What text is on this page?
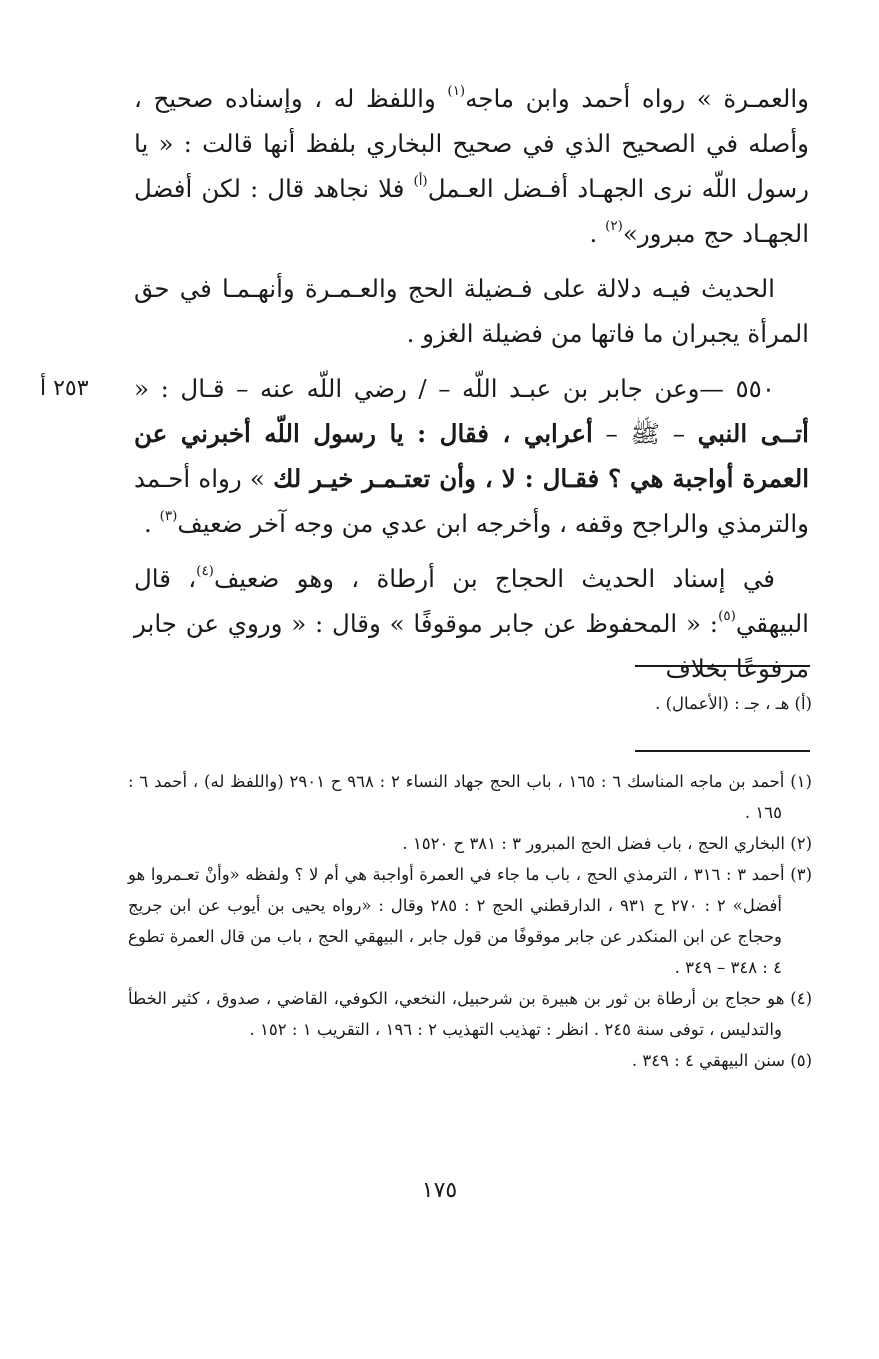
والعمـرة » رواه أحمد وابن ماجه$^{(١)}$ واللفظ له ، وإسناده صحيح ، وأصله في الصحيح الذي في صحيح البخاري بلفظ أنها قالت : « يا رسول اللّه نرى الجهـاد أفـضل العـمل$^{(أ)}$ فلا نجاهد قال : لكن أفضل الجهـاد حج مبرور»$^{(٢)}$ .

الحديث فيـه دلالة على فـضيلة الحج والعـمـرة وأنهـمـا في حق المرأة يجبران ما فاتها من فضيلة الغزو .

٢٥٣ أ	٥٥٠ —وعن جابر بن عبـد اللّه – / رضي اللّه عنه – قـال : « أتــى النبي – ﷺ – أعرابي ، فقال : يا رسول اللّه أخبرني عن العمرة أواجبة هي ؟ فقـال : لا ، وأن تعتـمـر خيـر لك » رواه أحـمد والترمذي والراجح وقفه ، وأخرجه ابن عدي من وجه آخر ضعيف$^{(٣)}$ .

في إسناد الحديث الحجاج بن أرطاة ، وهو ضعيف$^{(٤)}$، قال البيهقي$^{(٥)}$: « المحفوظ عن جابر موقوفًا » وقال : « وروي عن جابر مرفوعًا بخلاف

(أ) هـ ، جـ : (الأعمال) .

(١) أحمد بن ماجه المناسك ٦ : ١٦٥ ، باب الحج جهاد النساء ٢ : ٩٦٨ ح ٢٩٠١ (واللفظ له) ، أحمد ٦ : ١٦٥ .

(٢) البخاري الحج ، باب فضل الحج المبرور ٣ : ٣٨١ ح ١٥٢٠ .

(٣) أحمد ٣ : ٣١٦ ، الترمذي الحج ، باب ما جاء في العمرة أواجبة هي أم لا ؟ ولفظه «وأنْ تعـمروا هو أفضل» ٢ : ٢٧٠ ح ٩٣١ ، الدارقطني الحج ٢ : ٢٨٥ وقال : «رواه يحيى بن أيوب عن ابن جريج وحجاج عن ابن المنكدر عن جابر موقوفًا من قول جابر ، البيهقي الحج ، باب من قال العمرة تطوع ٤ : ٣٤٨ – ٣٤٩ .

(٤) هو حجاج بن أرطاة بن ثور بن هبيرة بن شرحبيل، النخعي، الكوفي، القاضي ، صدوق ، كثير الخطأ والتدليس ، توفى سنة ٢٤٥ . انظر : تهذيب التهذيب ٢ : ١٩٦ ، التقريب ١ : ١٥٢ .

(٥) سنن البيهقي ٤ : ٣٤٩ .

١٧٥
